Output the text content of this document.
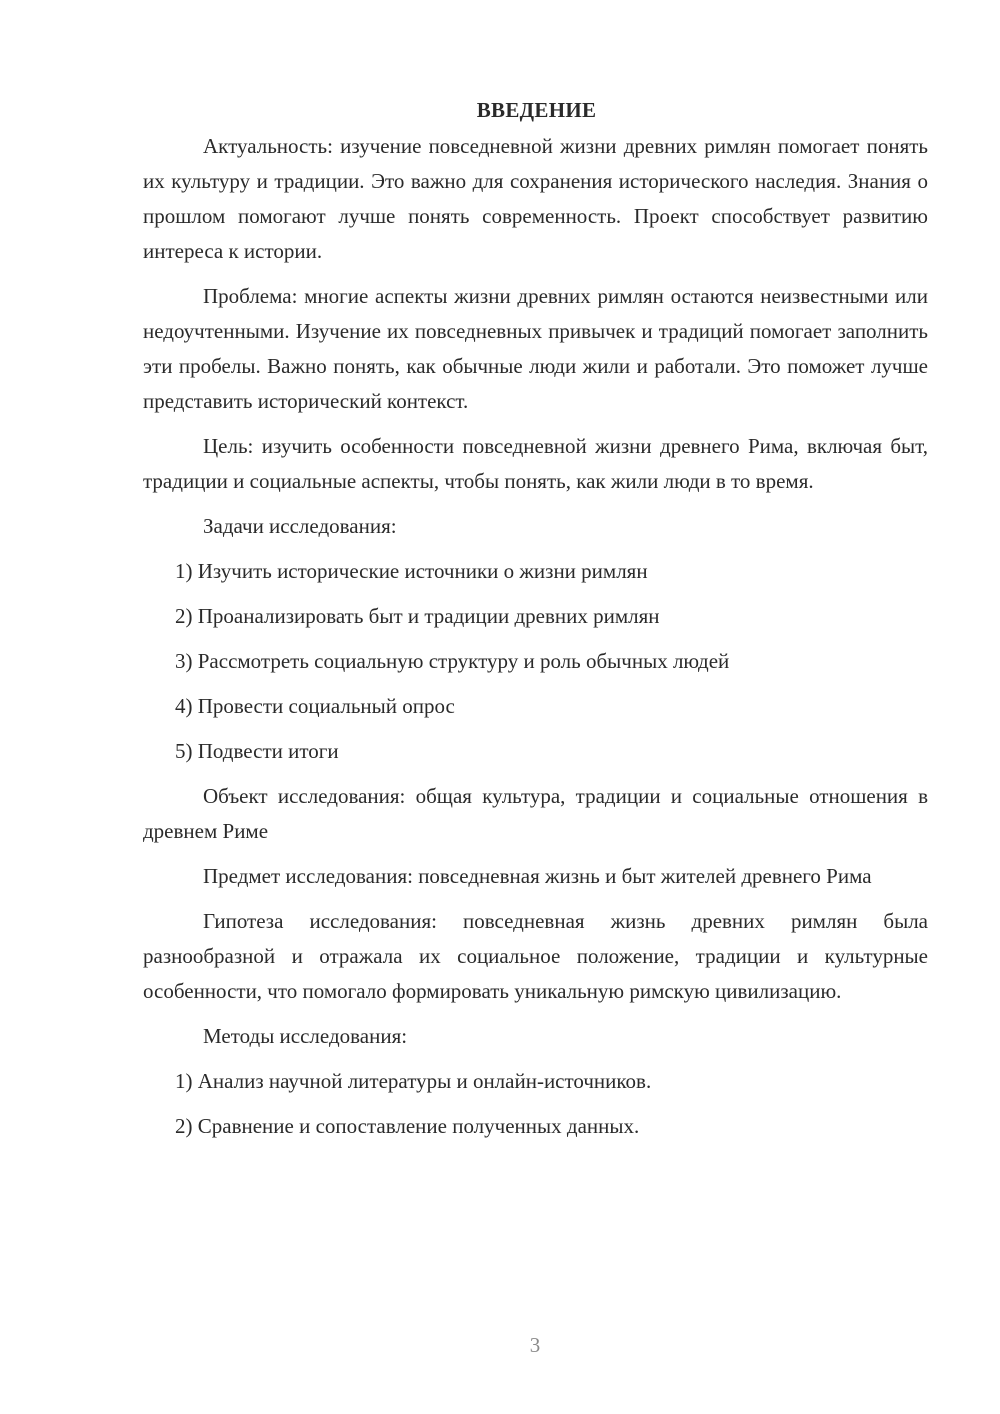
ВВЕДЕНИЕ

Актуальность: изучение повседневной жизни древних римлян помогает понять их культуру и традиции. Это важно для сохранения исторического наследия. Знания о прошлом помогают лучше понять современность. Проект способствует развитию интереса к истории.

Проблема: многие аспекты жизни древних римлян остаются неизвестными или недоучтенными. Изучение их повседневных привычек и традиций помогает заполнить эти пробелы. Важно понять, как обычные люди жили и работали. Это поможет лучше представить исторический контекст.

Цель: изучить особенности повседневной жизни древнего Рима, включая быт, традиции и социальные аспекты, чтобы понять, как жили люди в то время.

Задачи исследования:

1) Изучить исторические источники о жизни римлян
2) Проанализировать быт и традиции древних римлян
3) Рассмотреть социальную структуру и роль обычных людей
4) Провести социальный опрос
5) Подвести итоги

Объект исследования: общая культура, традиции и социальные отношения в древнем Риме

Предмет исследования: повседневная жизнь и быт жителей древнего Рима

Гипотеза исследования: повседневная жизнь древних римлян была разнообразной и отражала их социальное положение, традиции и культурные особенности, что помогало формировать уникальную римскую цивилизацию.

Методы исследования:

1) Анализ научной литературы и онлайн-источников.
2) Сравнение и сопоставление полученных данных.
3
